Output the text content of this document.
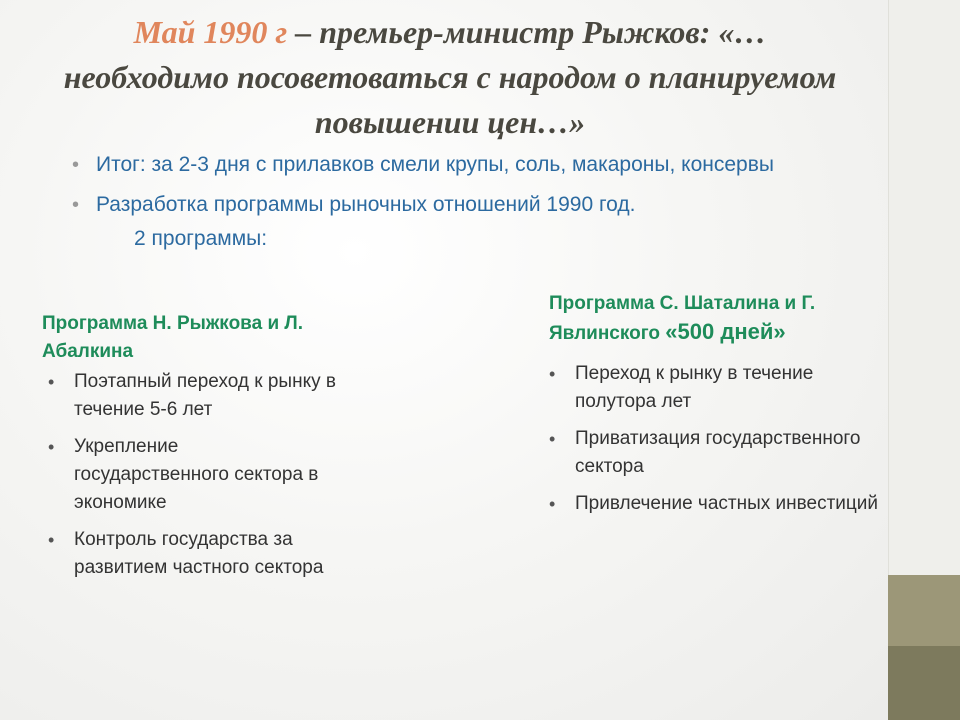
Май 1990 г – премьер-министр Рыжков: «…необходимо посоветоваться с народом о планируемом повышении цен…»
• Итог: за 2-3 дня с прилавков смели крупы, соль, макароны, консервы
• Разработка программы рыночных отношений 1990 год.
2 программы:
Программа Н. Рыжкова и Л. Абалкина
• Поэтапный переход к рынку в течение 5-6 лет
• Укрепление государственного сектора в экономике
• Контроль государства за развитием частного сектора
Программа С. Шаталина и Г. Явлинского «500 дней»
• Переход к рынку в течение полутора лет
• Приватизация государственного сектора
• Привлечение частных инвестиций
